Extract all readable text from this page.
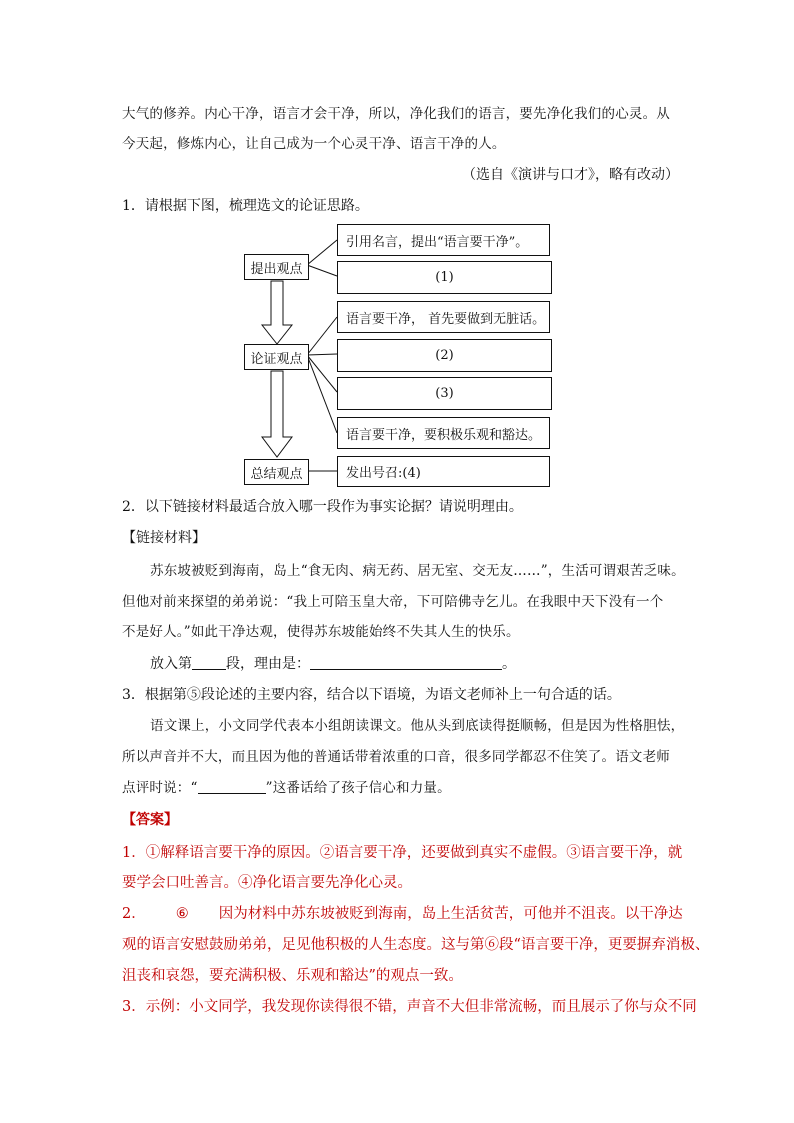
大气的修养。内心干净，语言才会干净，所以，净化我们的语言，要先净化我们的心灵。从
今天起，修炼内心，让自己成为一个心灵干净、语言干净的人。
（选自《演讲与口才》，略有改动）
1．请根据下图，梳理选文的论证思路。
提出观点
论证观点
总结观点
引用名言，提出“语言要干净”。
(1)
语言要干净， 首先要做到无脏话。
(2)
(3)
语言要干净，要积极乐观和豁达。
发出号召:(4)
2．以下链接材料最适合放入哪一段作为事实论据？请说明理由。
【链接材料】
苏东坡被贬到海南，岛上“食无肉、病无药、居无室、交无友……”，生活可谓艰苦乏味。
但他对前来探望的弟弟说：“我上可陪玉皇大帝，下可陪佛寺乞儿。在我眼中天下没有一个
不是好人。”如此干净达观，使得苏东坡能始终不失其人生的快乐。
放入第 段，理由是：	。
3．根据第⑤段论述的主要内容，结合以下语境，为语文老师补上一句合适的话。
语文课上，小文同学代表本小组朗读课文。他从头到底读得挺顺畅，但是因为性格胆怯，
所以声音并不大，而且因为他的普通话带着浓重的口音，很多同学都忍不住笑了。语文老师
点评时说：“	”这番话给了孩子信心和力量。
【答案】
1．①解释语言要干净的原因。②语言要干净，还要做到真实不虚假。③语言要干净，就
要学会口吐善言。④净化语言要先净化心灵。
2． ⑥ 因为材料中苏东坡被贬到海南，岛上生活贫苦，可他并不沮丧。以干净达
观的语言安慰鼓励弟弟，足见他积极的人生态度。这与第⑥段“语言要干净，更要摒弃消极、
沮丧和哀怨，要充满积极、乐观和豁达”的观点一致。
3．示例：小文同学，我发现你读得很不错，声音不大但非常流畅，而且展示了你与众不同
